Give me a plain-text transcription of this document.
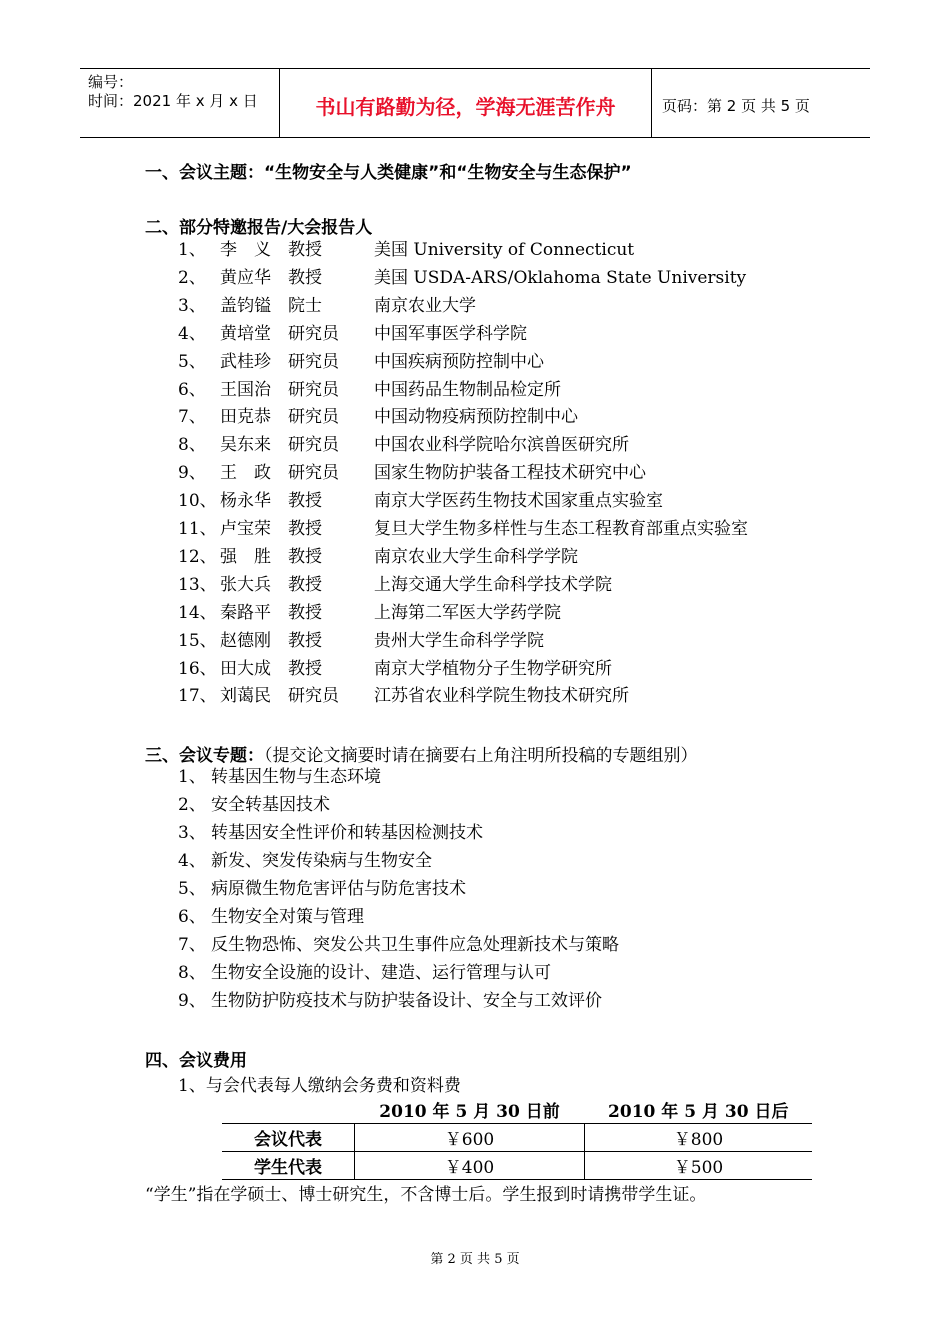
编号：
时间：2021 年 x 月 x 日	书山有路勤为径，学海无涯苦作舟	页码：第 2 页 共 5 页
一、会议主题：“生物安全与人类健康”和“生物安全与生态保护”
二、部分特邀报告/大会报告人
1、 李　义 教授	美国 University of Connecticut
2、 黄应华 教授	美国 USDA-ARS/Oklahoma State University
3、 盖钧镒 院士	南京农业大学
4、 黄培堂 研究员 中国军事医学科学院
5、 武桂珍 研究员 中国疾病预防控制中心
6、 王国治 研究员 中国药品生物制品检定所
7、 田克恭 研究员 中国动物疫病预防控制中心
8、 吴东来 研究员 中国农业科学院哈尔滨兽医研究所
9、 王　政 研究员 国家生物防护装备工程技术研究中心
10、 杨永华 教授	南京大学医药生物技术国家重点实验室
11、 卢宝荣 教授	复旦大学生物多样性与生态工程教育部重点实验室
12、 强　胜 教授	南京农业大学生命科学学院
13、 张大兵 教授	上海交通大学生命科学技术学院
14、 秦路平 教授	上海第二军医大学药学院
15、 赵德刚 教授	贵州大学生命科学学院
16、 田大成 教授	南京大学植物分子生物学研究所
17、 刘蔼民 研究员 江苏省农业科学院生物技术研究所
三、会议专题：（提交论文摘要时请在摘要右上角注明所投稿的专题组别）
1、 转基因生物与生态环境
2、 安全转基因技术
3、 转基因安全性评价和转基因检测技术
4、 新发、突发传染病与生物安全
5、 病原微生物危害评估与防危害技术
6、 生物安全对策与管理
7、 反生物恐怖、突发公共卫生事件应急处理新技术与策略
8、 生物安全设施的设计、建造、运行管理与认可
9、 生物防护防疫技术与防护装备设计、安全与工效评价
四、会议费用
1、与会代表每人缴纳会务费和资料费
	2010 年 5 月 30 日前	2010 年 5 月 30 日后
会议代表	￥600	￥800
学生代表	￥400	￥500
“学生”指在学硕士、博士研究生，不含博士后。学生报到时请携带学生证。
第 2 页 共 5 页
